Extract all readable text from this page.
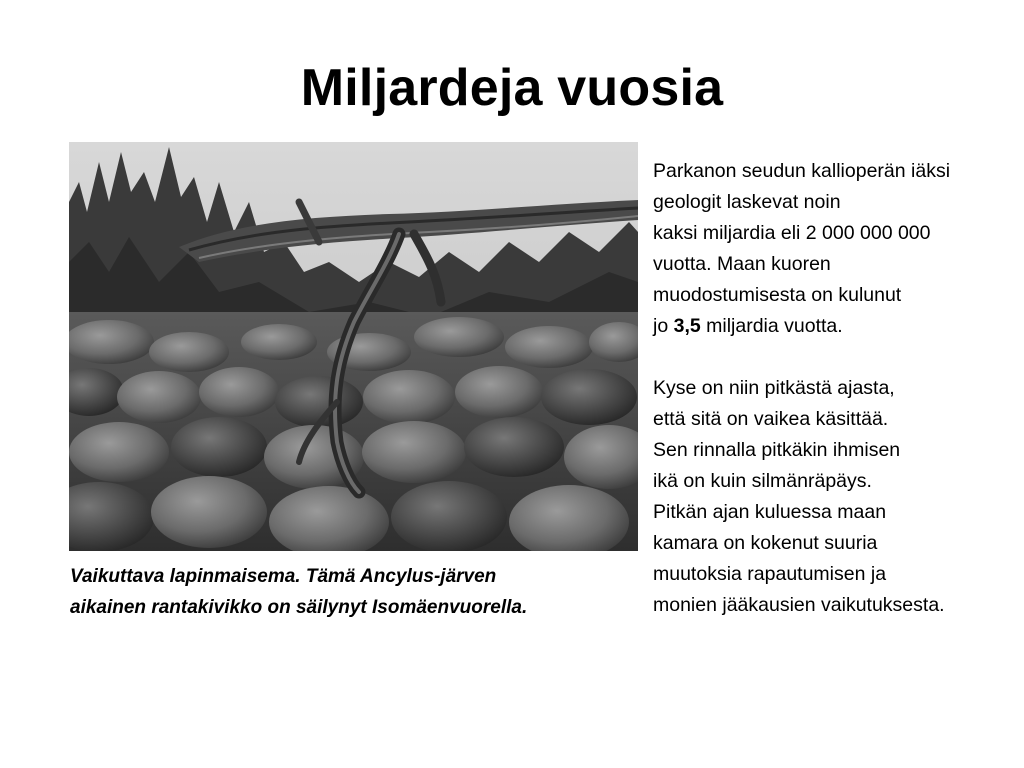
Miljardeja vuosia
Vaikuttava lapinmaisema. Tämä Ancylus-järven
aikainen rantakivikko on säilynyt Isomäenvuorella.
Parkanon seudun kallioperän iäksi
geologit laskevat noin
kaksi miljardia eli 2 000 000 000
vuotta. Maan kuoren
muodostumisesta on kulunut
jo 3,5 miljardia vuotta.
Kyse on niin pitkästä ajasta,
että sitä on vaikea käsittää.
Sen rinnalla pitkäkin ihmisen
ikä on kuin silmänräpäys.
Pitkän ajan kuluessa maan
kamara on kokenut suuria
muutoksia rapautumisen ja
monien jääkausien vaikutuksesta.
